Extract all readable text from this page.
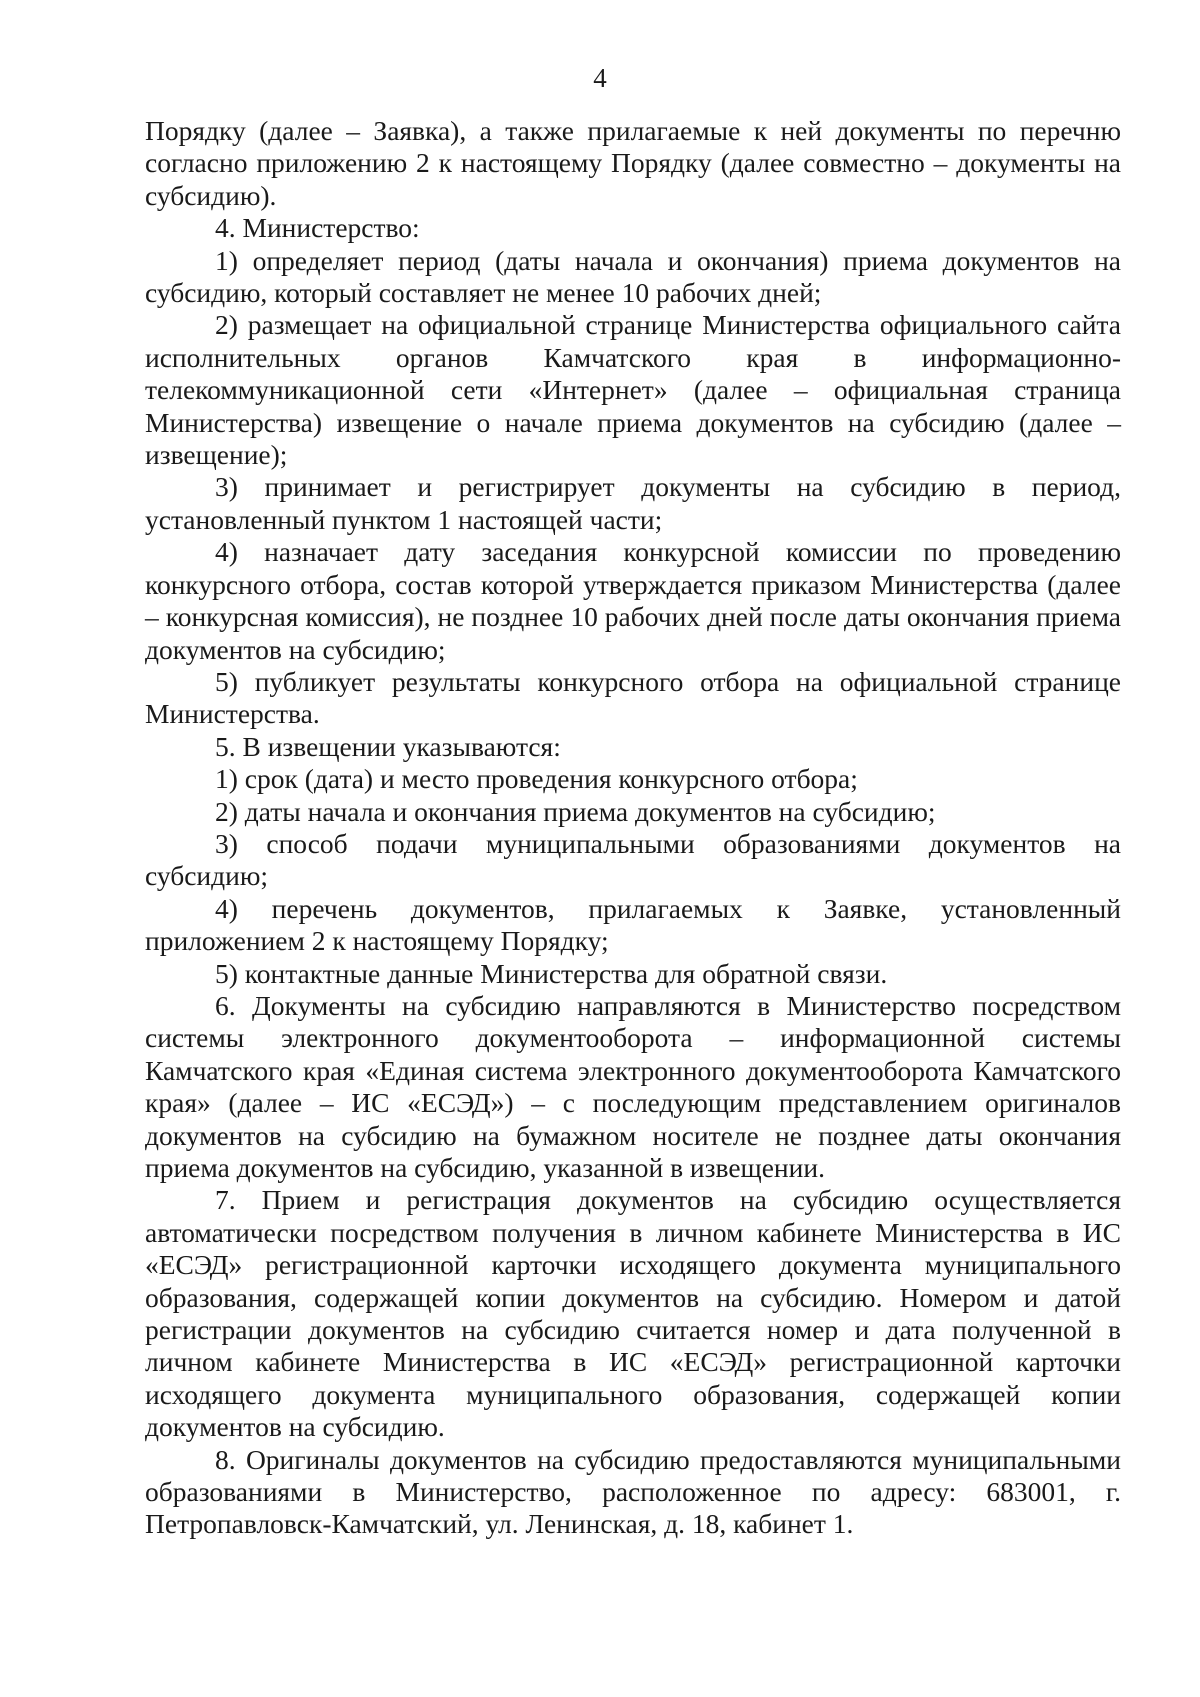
4

Порядку (далее – Заявка), а также прилагаемые к ней документы по перечню согласно приложению 2 к настоящему Порядку (далее совместно – документы на субсидию).

4. Министерство:

1) определяет период (даты начала и окончания) приема документов на субсидию, который составляет не менее 10 рабочих дней;

2) размещает на официальной странице Министерства официального сайта исполнительных органов Камчатского края в информационно-телекоммуникационной сети «Интернет» (далее – официальная страница Министерства) извещение о начале приема документов на субсидию (далее – извещение);

3) принимает и регистрирует документы на субсидию в период, установленный пунктом 1 настоящей части;

4) назначает дату заседания конкурсной комиссии по проведению конкурсного отбора, состав которой утверждается приказом Министерства (далее – конкурсная комиссия), не позднее 10 рабочих дней после даты окончания приема документов на субсидию;

5) публикует результаты конкурсного отбора на официальной странице Министерства.

5. В извещении указываются:

1) срок (дата) и место проведения конкурсного отбора;

2) даты начала и окончания приема документов на субсидию;

3) способ подачи муниципальными образованиями документов на субсидию;

4) перечень документов, прилагаемых к Заявке, установленный приложением 2 к настоящему Порядку;

5) контактные данные Министерства для обратной связи.

6. Документы на субсидию направляются в Министерство посредством системы электронного документооборота – информационной системы Камчатского края «Единая система электронного документооборота Камчатского края» (далее – ИС «ЕСЭД») – с последующим представлением оригиналов документов на субсидию на бумажном носителе не позднее даты окончания приема документов на субсидию, указанной в извещении.

7. Прием и регистрация документов на субсидию осуществляется автоматически посредством получения в личном кабинете Министерства в ИС «ЕСЭД» регистрационной карточки исходящего документа муниципального образования, содержащей копии документов на субсидию. Номером и датой регистрации документов на субсидию считается номер и дата полученной в личном кабинете Министерства в ИС «ЕСЭД» регистрационной карточки исходящего документа муниципального образования, содержащей копии документов на субсидию.

8. Оригиналы документов на субсидию предоставляются муниципальными образованиями в Министерство, расположенное по адресу: 683001, г. Петропавловск-Камчатский, ул. Ленинская, д. 18, кабинет 1.
